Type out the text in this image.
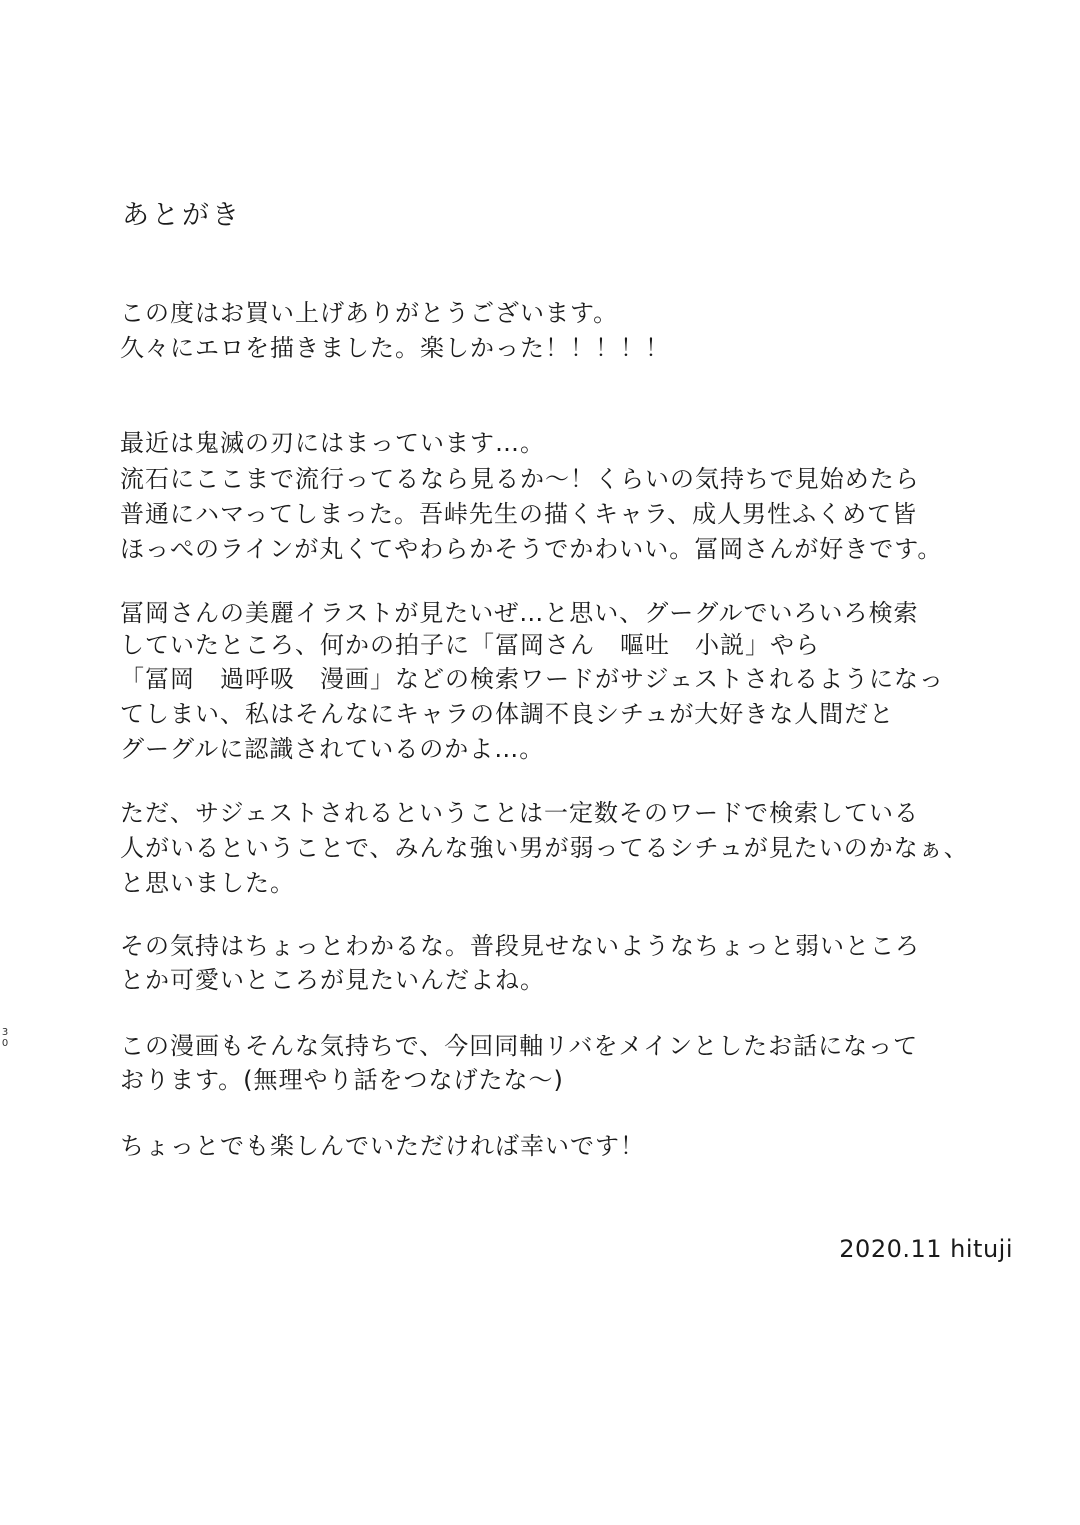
あとがき
この度はお買い上げありがとうございます。
久々にエロを描きました。楽しかった！！！！！
最近は鬼滅の刃にはまっています…。
流石にここまで流行ってるなら見るか～！くらいの気持ちで見始めたら
普通にハマってしまった。吾峠先生の描くキャラ、成人男性ふくめて皆
ほっぺのラインが丸くてやわらかそうでかわいい。冨岡さんが好きです。
冨岡さんの美麗イラストが見たいぜ…と思い、グーグルでいろいろ検索
していたところ、何かの拍子に「冨岡さん　嘔吐　小説」やら
「冨岡　過呼吸　漫画」などの検索ワードがサジェストされるようになっ
てしまい、私はそんなにキャラの体調不良シチュが大好きな人間だと
グーグルに認識されているのかよ…。
ただ、サジェストされるということは一定数そのワードで検索している
人がいるということで、みんな強い男が弱ってるシチュが見たいのかなぁ、
と思いました。
その気持はちょっとわかるな。普段見せないようなちょっと弱いところ
とか可愛いところが見たいんだよね。
この漫画もそんな気持ちで、今回同軸リバをメインとしたお話になって
おります。(無理やり話をつなげたな～)
ちょっとでも楽しんでいただければ幸いです！
2020.11 hituji
3
0
